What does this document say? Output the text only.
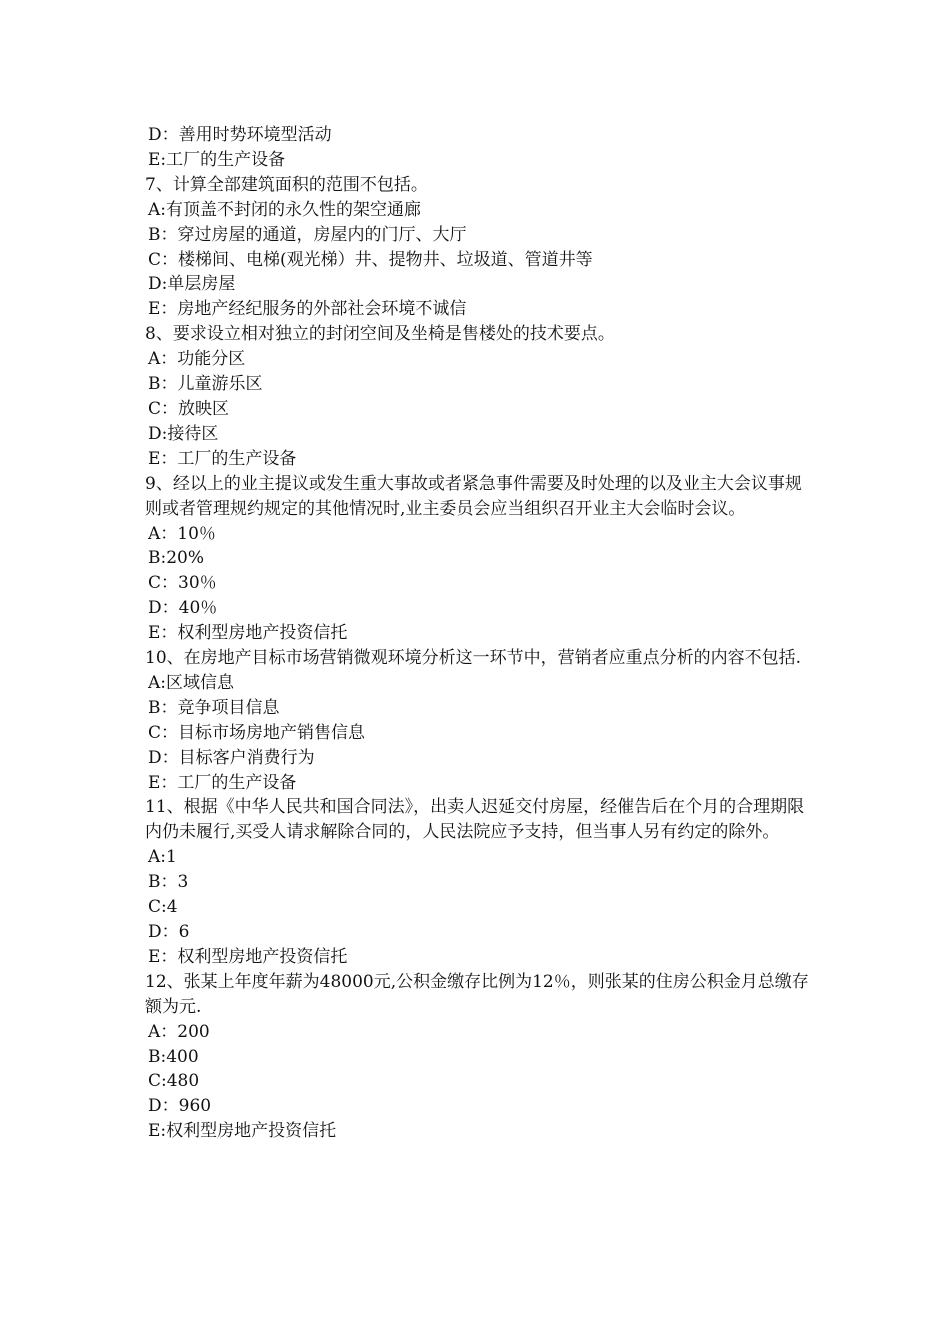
D：善用时势环境型活动

E:工厂的生产设备

7、计算全部建筑面积的范围不包括。

A:有顶盖不封闭的永久性的架空通廊

B：穿过房屋的通道，房屋内的门厅、大厅

C：楼梯间、电梯(观光梯）井、提物井、垃圾道、管道井等

D:单层房屋

E：房地产经纪服务的外部社会环境不诚信

8、要求设立相对独立的封闭空间及坐椅是售楼处的技术要点。

A：功能分区

B：儿童游乐区

C：放映区

D:接待区

E：工厂的生产设备

9、经以上的业主提议或发生重大事故或者紧急事件需要及时处理的以及业主大会议事规则或者管理规约规定的其他情况时,业主委员会应当组织召开业主大会临时会议。

A：10％

B:20%

C：30％

D：40％

E：权利型房地产投资信托

10、在房地产目标市场营销微观环境分析这一环节中，营销者应重点分析的内容不包括.

A:区域信息

B：竞争项目信息

C：目标市场房地产销售信息

D：目标客户消费行为

E：工厂的生产设备

11、根据《中华人民共和国合同法》，出卖人迟延交付房屋，经催告后在个月的合理期限内仍未履行,买受人请求解除合同的，人民法院应予支持，但当事人另有约定的除外。

A:1

B：3

C:4

D：6

E：权利型房地产投资信托

12、张某上年度年薪为48000元,公积金缴存比例为12％，则张某的住房公积金月总缴存额为元.

A：200

B:400

C:480

D：960

E:权利型房地产投资信托
